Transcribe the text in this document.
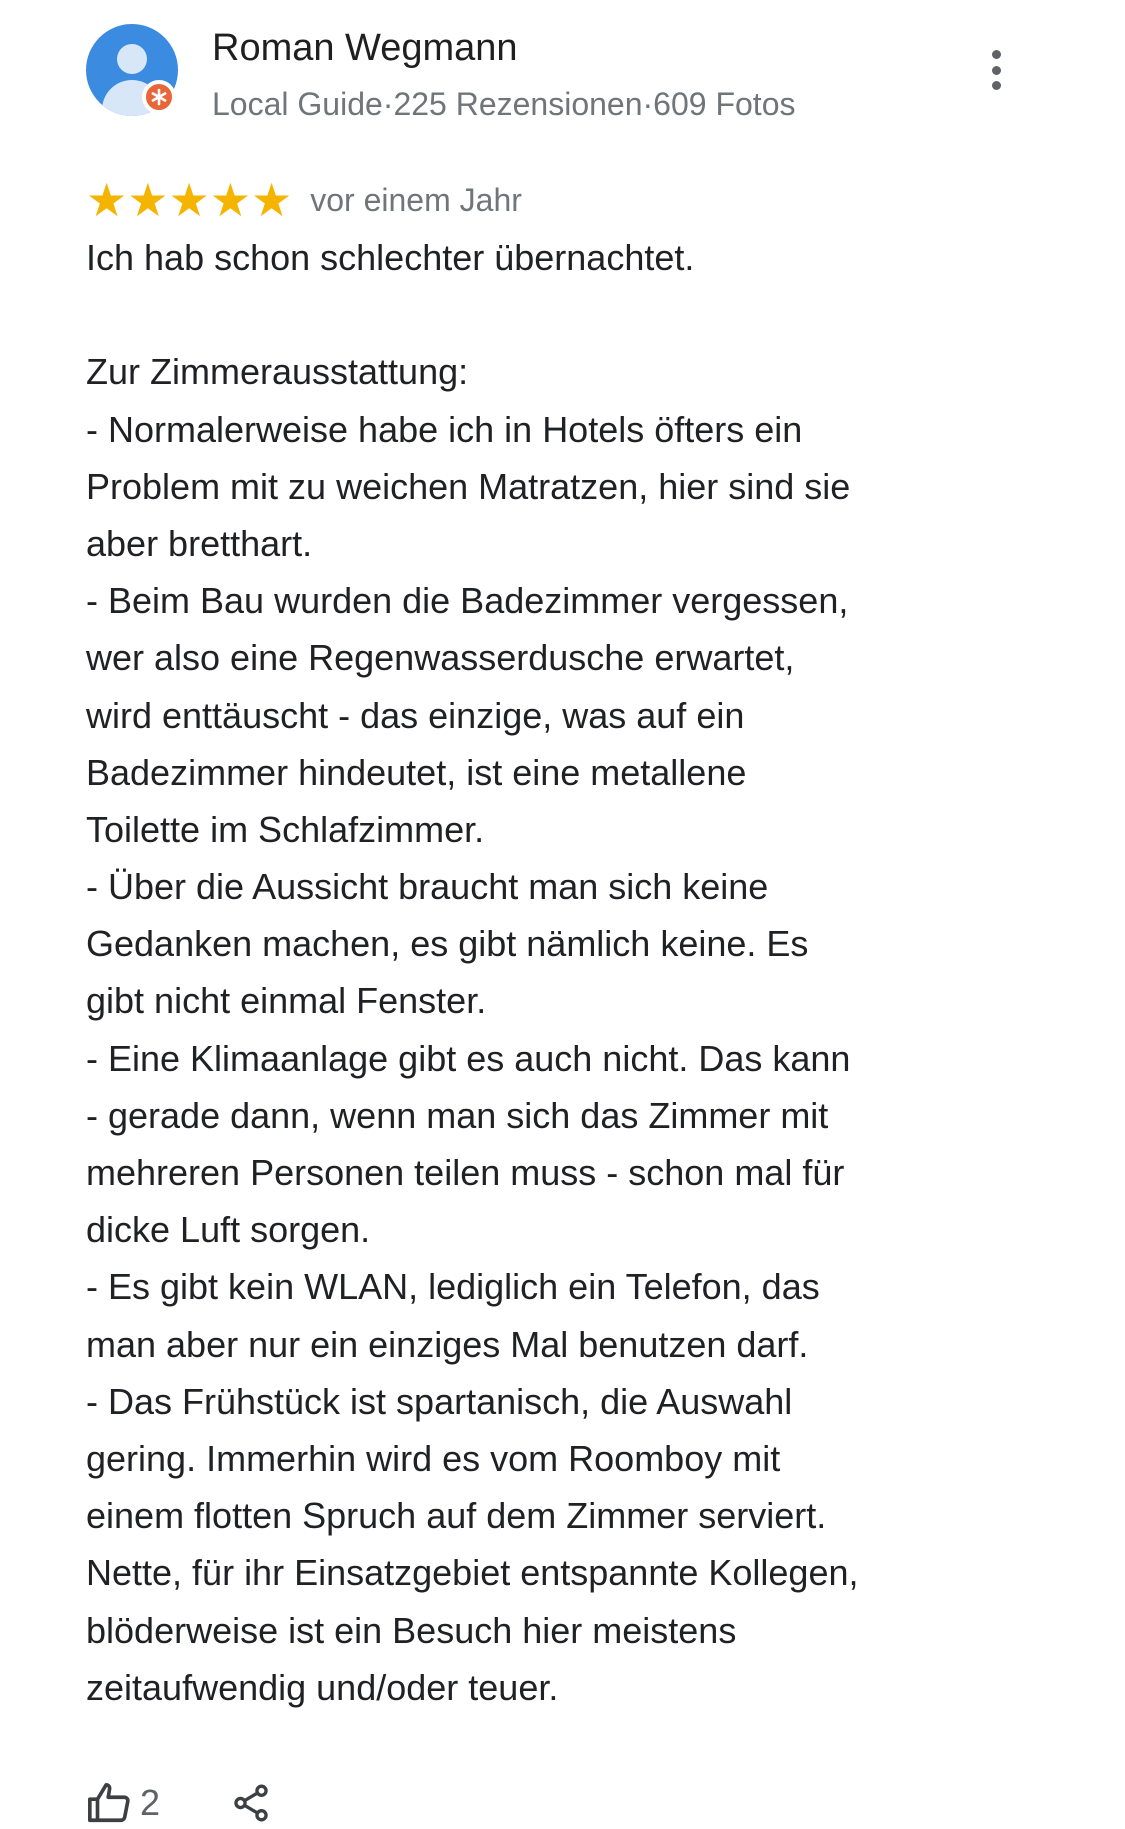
Roman Wegmann
Local Guide·225 Rezensionen·609 Fotos
★ ★ ★ ★ ★ vor einem Jahr
Ich hab schon schlechter übernachtet.
Zur Zimmerausstattung:
- Normalerweise habe ich in Hotels öfters ein
Problem mit zu weichen Matratzen, hier sind sie
aber bretthart.
- Beim Bau wurden die Badezimmer vergessen,
wer also eine Regenwasserdusche erwartet,
wird enttäuscht - das einzige, was auf ein
Badezimmer hindeutet, ist eine metallene
Toilette im Schlafzimmer.
- Über die Aussicht braucht man sich keine
Gedanken machen, es gibt nämlich keine. Es
gibt nicht einmal Fenster.
- Eine Klimaanlage gibt es auch nicht. Das kann
- gerade dann, wenn man sich das Zimmer mit
mehreren Personen teilen muss - schon mal für
dicke Luft sorgen.
- Es gibt kein WLAN, lediglich ein Telefon, das
man aber nur ein einziges Mal benutzen darf.
- Das Frühstück ist spartanisch, die Auswahl
gering. Immerhin wird es vom Roomboy mit
einem flotten Spruch auf dem Zimmer serviert.
Nette, für ihr Einsatzgebiet entspannte Kollegen,
blöderweise ist ein Besuch hier meistens
zeitaufwendig und/oder teuer.
2
